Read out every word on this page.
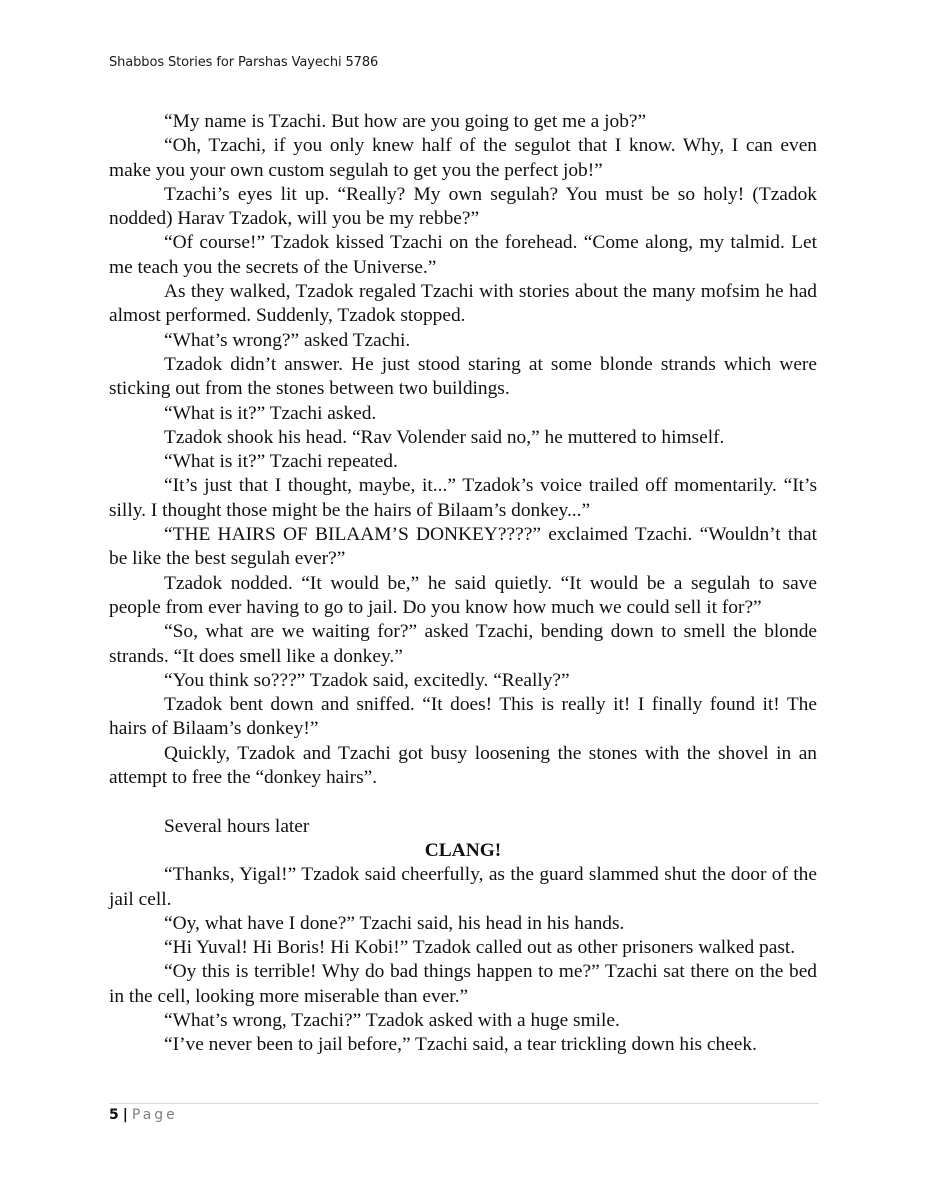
Shabbos Stories for Parshas Vayechi 5786

“My name is Tzachi. But how are you going to get me a job?”

“Oh, Tzachi, if you only knew half of the segulot that I know. Why, I can even make you your own custom segulah to get you the perfect job!”

Tzachi’s eyes lit up. “Really? My own segulah? You must be so holy! (Tzadok nodded) Harav Tzadok, will you be my rebbe?”

“Of course!” Tzadok kissed Tzachi on the forehead. “Come along, my talmid. Let me teach you the secrets of the Universe.”

As they walked, Tzadok regaled Tzachi with stories about the many mofsim he had almost performed. Suddenly, Tzadok stopped.

“What’s wrong?” asked Tzachi.

Tzadok didn’t answer. He just stood staring at some blonde strands which were sticking out from the stones between two buildings.

“What is it?” Tzachi asked.

Tzadok shook his head. “Rav Volender said no,” he muttered to himself.

“What is it?” Tzachi repeated.

“It’s just that I thought, maybe, it...” Tzadok’s voice trailed off momentarily. “It’s silly. I thought those might be the hairs of Bilaam’s donkey...”

“THE HAIRS OF BILAAM’S DONKEY????” exclaimed Tzachi. “Wouldn’t that be like the best segulah ever?”

Tzadok nodded. “It would be,” he said quietly. “It would be a segulah to save people from ever having to go to jail. Do you know how much we could sell it for?”

“So, what are we waiting for?” asked Tzachi, bending down to smell the blonde strands. “It does smell like a donkey.”

“You think so???” Tzadok said, excitedly. “Really?”

Tzadok bent down and sniffed. “It does! This is really it! I finally found it! The hairs of Bilaam’s donkey!”

Quickly, Tzadok and Tzachi got busy loosening the stones with the shovel in an attempt to free the “donkey hairs”.

Several hours later

CLANG!

“Thanks, Yigal!” Tzadok said cheerfully, as the guard slammed shut the door of the jail cell.

“Oy, what have I done?” Tzachi said, his head in his hands.

“Hi Yuval! Hi Boris! Hi Kobi!” Tzadok called out as other prisoners walked past.

“Oy this is terrible! Why do bad things happen to me?” Tzachi sat there on the bed in the cell, looking more miserable than ever.”

“What’s wrong, Tzachi?” Tzadok asked with a huge smile.

“I’ve never been to jail before,” Tzachi said, a tear trickling down his cheek.

5 | Page
